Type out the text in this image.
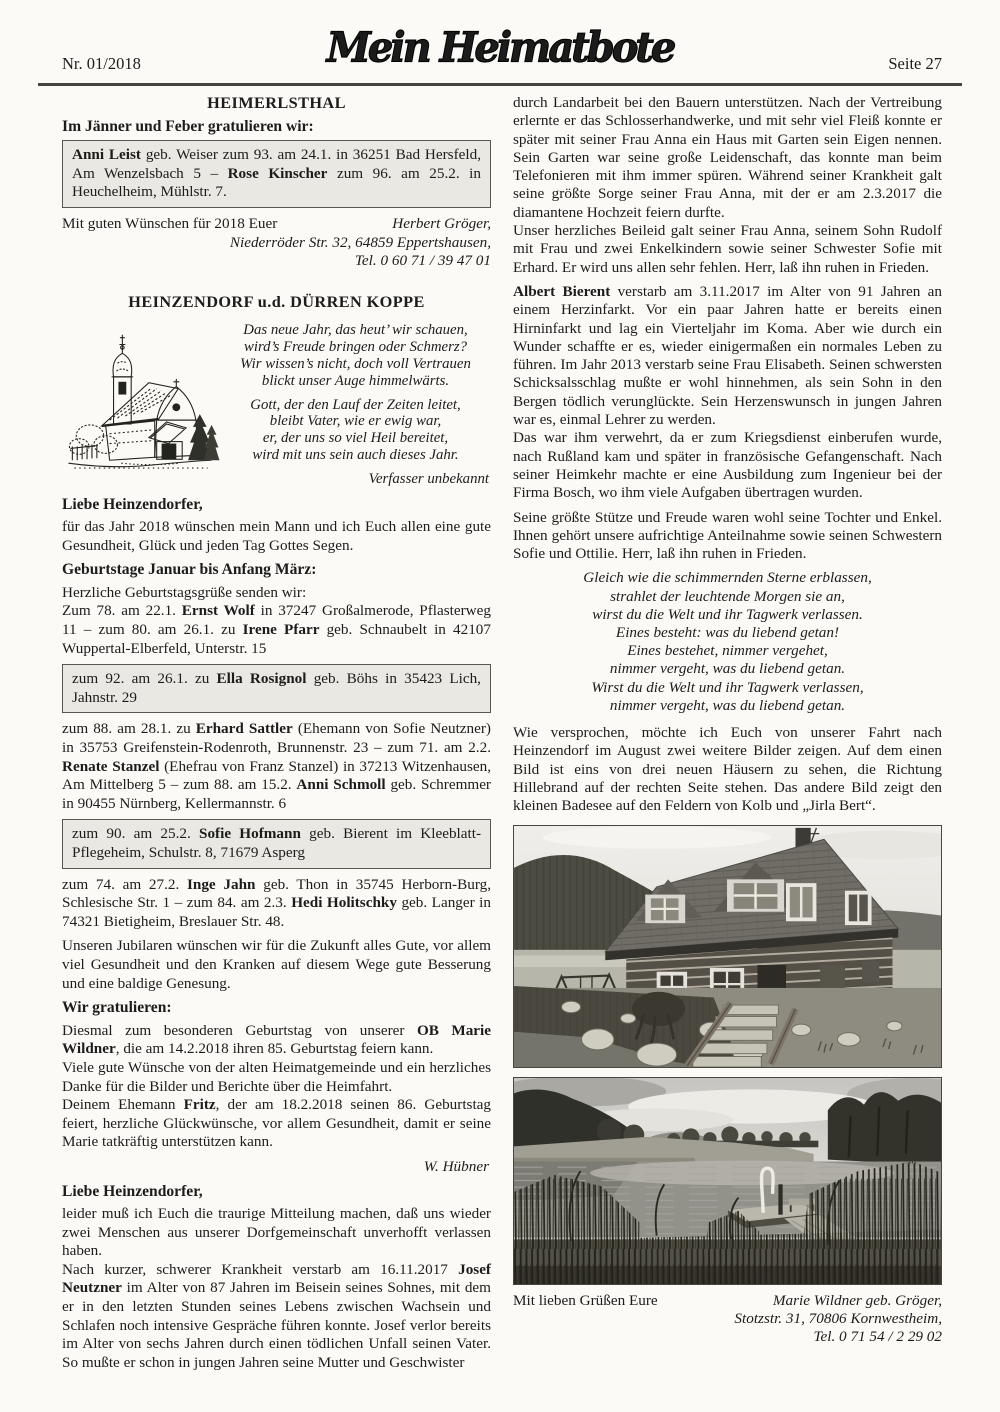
Nr. 01/2018	Mein Heimatbote	Seite 27
HEIMERLSTHAL
Im Jänner und Feber gratulieren wir:
Anni Leist geb. Weiser zum 93. am 24.1. in 36251 Bad Hersfeld, Am Wenzelsbach 5 – Rose Kinscher zum 96. am 25.2. in Heuchelheim, Mühlstr. 7.
Mit guten Wünschen für 2018 Euer	Herbert Gröger,
Niederröder Str. 32, 64859 Eppertshausen,
Tel. 0 60 71 / 39 47 01
HEINZENDORF u.d. DÜRREN KOPPE
Das neue Jahr, das heut’ wir schauen,
wird’s Freude bringen oder Schmerz?
Wir wissen’s nicht, doch voll Vertrauen
blickt unser Auge himmelwärts.
Gott, der den Lauf der Zeiten leitet,
bleibt Vater, wie er ewig war,
er, der uns so viel Heil bereitet,
wird mit uns sein auch dieses Jahr.
Verfasser unbekannt
Liebe Heinzendorfer,

für das Jahr 2018 wünschen mein Mann und ich Euch allen eine gute Gesundheit, Glück und jeden Tag Gottes Segen.

Geburtstage Januar bis Anfang März:

Herzliche Geburtstagsgrüße senden wir:

Zum 78. am 22.1. Ernst Wolf in 37247 Großalmerode, Pflasterweg 11 – zum 80. am 26.1. zu Irene Pfarr geb. Schnaubelt in 42107 Wuppertal-Elberfeld, Unterstr. 15

zum 92. am 26.1. zu Ella Rosignol geb. Böhs in 35423 Lich, Jahnstr. 29

zum 88. am 28.1. zu Erhard Sattler (Ehemann von Sofie Neutzner) in 35753 Greifenstein-Rodenroth, Brunnenstr. 23 – zum 71. am 2.2. Renate Stanzel (Ehefrau von Franz Stanzel) in 37213 Witzenhausen, Am Mittelberg 5 – zum 88. am 15.2. Anni Schmoll geb. Schremmer in 90455 Nürnberg, Kellermannstr. 6

zum 90. am 25.2. Sofie Hofmann geb. Bierent im Kleeblatt-Pflegeheim, Schulstr. 8, 71679 Asperg

zum 74. am 27.2. Inge Jahn geb. Thon in 35745 Herborn-Burg, Schlesische Str. 1 – zum 84. am 2.3. Hedi Holitschky geb. Langer in 74321 Bietigheim, Breslauer Str. 48.

Unseren Jubilaren wünschen wir für die Zukunft alles Gute, vor allem viel Gesundheit und den Kranken auf diesem Wege gute Besserung und eine baldige Genesung.

Wir gratulieren:

Diesmal zum besonderen Geburtstag von unserer OB Marie Wildner, die am 14.2.2018 ihren 85. Geburtstag feiern kann.

Viele gute Wünsche von der alten Heimatgemeinde und ein herzliches Danke für die Bilder und Berichte über die Heimfahrt.

Deinem Ehemann Fritz, der am 18.2.2018 seinen 86. Geburtstag feiert, herzliche Glückwünsche, vor allem Gesundheit, damit er seine Marie tatkräftig unterstützen kann.

W. Hübner
Liebe Heinzendorfer,

leider muß ich Euch die traurige Mitteilung machen, daß uns wieder zwei Menschen aus unserer Dorfgemeinschaft unverhofft verlassen haben.

Nach kurzer, schwerer Krankheit verstarb am 16.11.2017 Josef Neutzner im Alter von 87 Jahren im Beisein seines Sohnes, mit dem er in den letzten Stunden seines Lebens zwischen Wachsein und Schlafen noch intensive Gespräche führen konnte. Josef verlor bereits im Alter von sechs Jahren durch einen tödlichen Unfall seinen Vater. So mußte er schon in jungen Jahren seine Mutter und Geschwister

durch Landarbeit bei den Bauern unterstützen. Nach der Vertreibung erlernte er das Schlosserhandwerke, und mit sehr viel Fleiß konnte er später mit seiner Frau Anna ein Haus mit Garten sein Eigen nennen. Sein Garten war seine große Leidenschaft, das konnte man beim Telefonieren mit ihm immer spüren. Während seiner Krankheit galt seine größte Sorge seiner Frau Anna, mit der er am 2.3.2017 die diamantene Hochzeit feiern durfte.

Unser herzliches Beileid galt seiner Frau Anna, seinem Sohn Rudolf mit Frau und zwei Enkelkindern sowie seiner Schwester Sofie mit Erhard. Er wird uns allen sehr fehlen. Herr, laß ihn ruhen in Frieden.

Albert Bierent verstarb am 3.11.2017 im Alter von 91 Jahren an einem Herzinfarkt. Vor ein paar Jahren hatte er bereits einen Hirninfarkt und lag ein Vierteljahr im Koma. Aber wie durch ein Wunder schaffte er es, wieder einigermaßen ein normales Leben zu führen. Im Jahr 2013 verstarb seine Frau Elisabeth. Seinen schwersten Schicksalsschlag mußte er wohl hinnehmen, als sein Sohn in den Bergen tödlich verunglückte. Sein Herzenswunsch in jungen Jahren war es, einmal Lehrer zu werden.

Das war ihm verwehrt, da er zum Kriegsdienst einberufen wurde, nach Rußland kam und später in französische Gefangenschaft. Nach seiner Heimkehr machte er eine Ausbildung zum Ingenieur bei der Firma Bosch, wo ihm viele Aufgaben übertragen wurden.

Seine größte Stütze und Freude waren wohl seine Tochter und Enkel. Ihnen gehört unsere aufrichtige Anteilnahme sowie seinen Schwestern Sofie und Ottilie. Herr, laß ihn ruhen in Frieden.

Gleich wie die schimmernden Sterne erblassen,
strahlet der leuchtende Morgen sie an,
wirst du die Welt und ihr Tagwerk verlassen.
Eines besteht: was du liebend getan!
Eines bestehet, nimmer vergehet,
nimmer vergeht, was du liebend getan.
Wirst du die Welt und ihr Tagwerk verlassen,
nimmer vergeht, was du liebend getan.

Wie versprochen, möchte ich Euch von unserer Fahrt nach Heinzendorf im August zwei weitere Bilder zeigen. Auf dem einen Bild ist eins von drei neuen Häusern zu sehen, die Richtung Hillebrand auf der rechten Seite stehen. Das andere Bild zeigt den kleinen Badesee auf den Feldern von Kolb und „Jirla Bert“.

Mit lieben Grüßen Eure	Marie Wildner geb. Gröger,
Stotzstr. 31, 70806 Kornwestheim,
Tel. 0 71 54 / 2 29 02
